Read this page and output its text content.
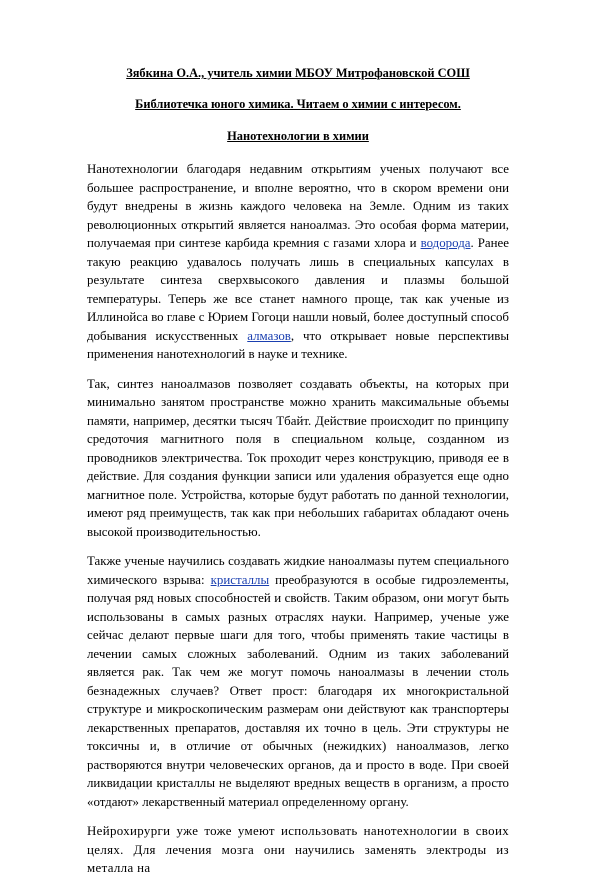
Зябкина О.А., учитель химии МБОУ Митрофановской СОШ

Библиотечка юного химика. Читаем о химии с интересом.

Нанотехнологии в химии

Нанотехнологии благодаря недавним открытиям ученых получают все большее распространение, и вполне вероятно, что в скором времени они будут внедрены в жизнь каждого человека на Земле. Одним из таких революционных открытий является наноалмаз. Это особая форма материи, получаемая при синтезе карбида кремния с газами хлора и водорода. Ранее такую реакцию удавалось получать лишь в специальных капсулах в результате синтеза сверхвысокого давления и плазмы большой температуры. Теперь же все станет намного проще, так как ученые из Иллинойса во главе с Юрием Гогоци нашли новый, более доступный способ добывания искусственных алмазов, что открывает новые перспективы применения нанотехнологий в науке и технике.

Так, синтез наноалмазов позволяет создавать объекты, на которых при минимально занятом пространстве можно хранить максимальные объемы памяти, например, десятки тысяч Тбайт. Действие происходит по принципу средоточия магнитного поля в специальном кольце, созданном из проводников электричества. Ток проходит через конструкцию, приводя ее в действие. Для создания функции записи или удаления образуется еще одно магнитное поле. Устройства, которые будут работать по данной технологии, имеют ряд преимуществ, так как при небольших габаритах обладают очень высокой производительностью.

Также ученые научились создавать жидкие наноалмазы путем специального химического взрыва: кристаллы преобразуются в особые гидроэлементы, получая ряд новых способностей и свойств. Таким образом, они могут быть использованы в самых разных отраслях науки. Например, ученые уже сейчас делают первые шаги для того, чтобы применять такие частицы в лечении самых сложных заболеваний. Одним из таких заболеваний является рак. Так чем же могут помочь наноалмазы в лечении столь безнадежных случаев? Ответ прост: благодаря их многокристальной структуре и микроскопическим размерам они действуют как транспортеры лекарственных препаратов, доставляя их точно в цель. Эти структуры не токсичны и, в отличие от обычных (нежидких) наноалмазов, легко растворяются внутри человеческих органов, да и просто в воде. При своей ликвидации кристаллы не выделяют вредных веществ в организм, а просто «отдают» лекарственный материал определенному органу.

Нейрохирурги уже тоже умеют использовать нанотехнологии в своих целях. Для лечения мозга они научились заменять электроды из металла на
